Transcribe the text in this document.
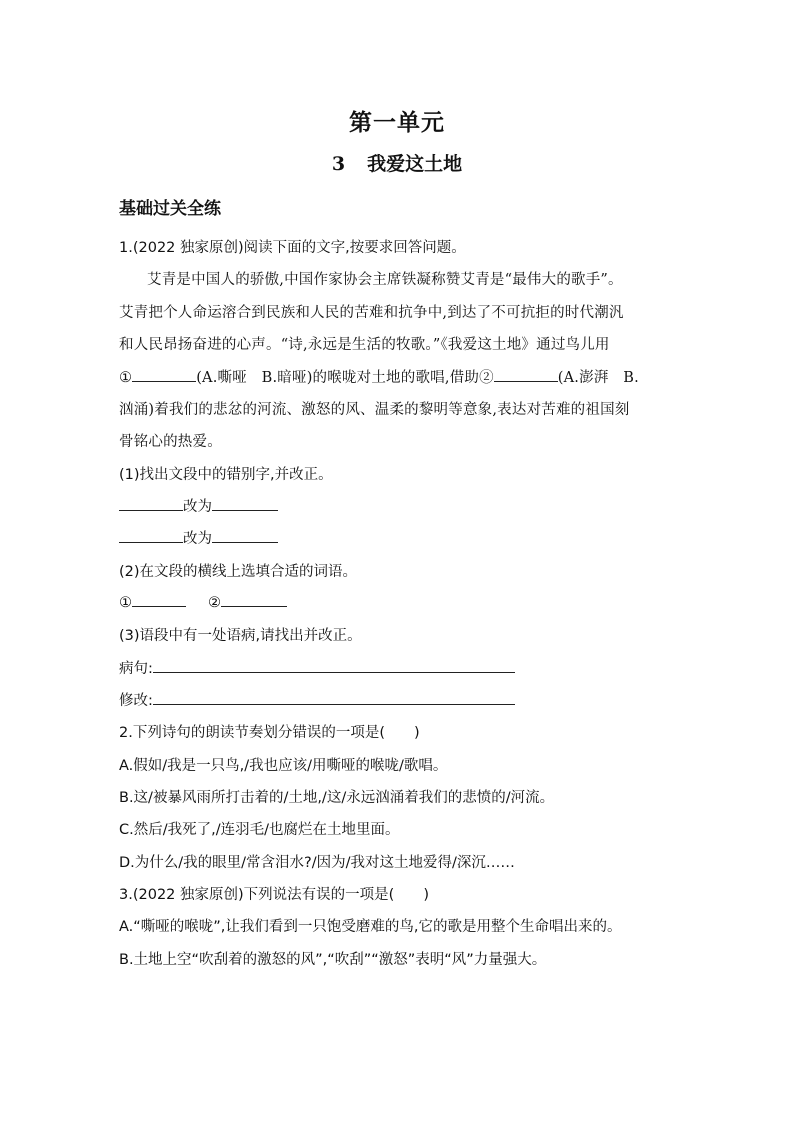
第一单元
3 我爱这土地
基础过关全练
1.(2022 独家原创)阅读下面的文字,按要求回答问题。
艾青是中国人的骄傲,中国作家协会主席铁凝称赞艾青是“最伟大的歌手”。
艾青把个人命运溶合到民族和人民的苦难和抗争中,到达了不可抗拒的时代潮汎
和人民昂扬奋进的心声。“诗,永远是生活的牧歌。”《我爱这土地》通过鸟儿用
①	(A.嘶哑　B.暗哑)的喉咙对土地的歌唱,借助②	(A.澎湃　B.
汹涌)着我们的悲忿的河流、激怒的风、温柔的黎明等意象,表达对苦难的祖国刻
骨铭心的热爱。
(1)找出文段中的错别字,并改正。
改为
改为
(2)在文段的横线上选填合适的词语。
①	②
(3)语段中有一处语病,请找出并改正。
病句:
修改:
2.下列诗句的朗读节奏划分错误的一项是(　　)
A.假如/我是一只鸟,/我也应该/用嘶哑的喉咙/歌唱。
B.这/被暴风雨所打击着的/土地,/这/永远汹涌着我们的悲愤的/河流。
C.然后/我死了,/连羽毛/也腐烂在土地里面。
D.为什么/我的眼里/常含泪水?/因为/我对这土地爱得/深沉……
3.(2022 独家原创)下列说法有误的一项是(　　)
A.“嘶哑的喉咙”,让我们看到一只饱受磨难的鸟,它的歌是用整个生命唱出来的。
B.土地上空“吹刮着的激怒的风”,“吹刮”“激怒”表明“风”力量强大。
